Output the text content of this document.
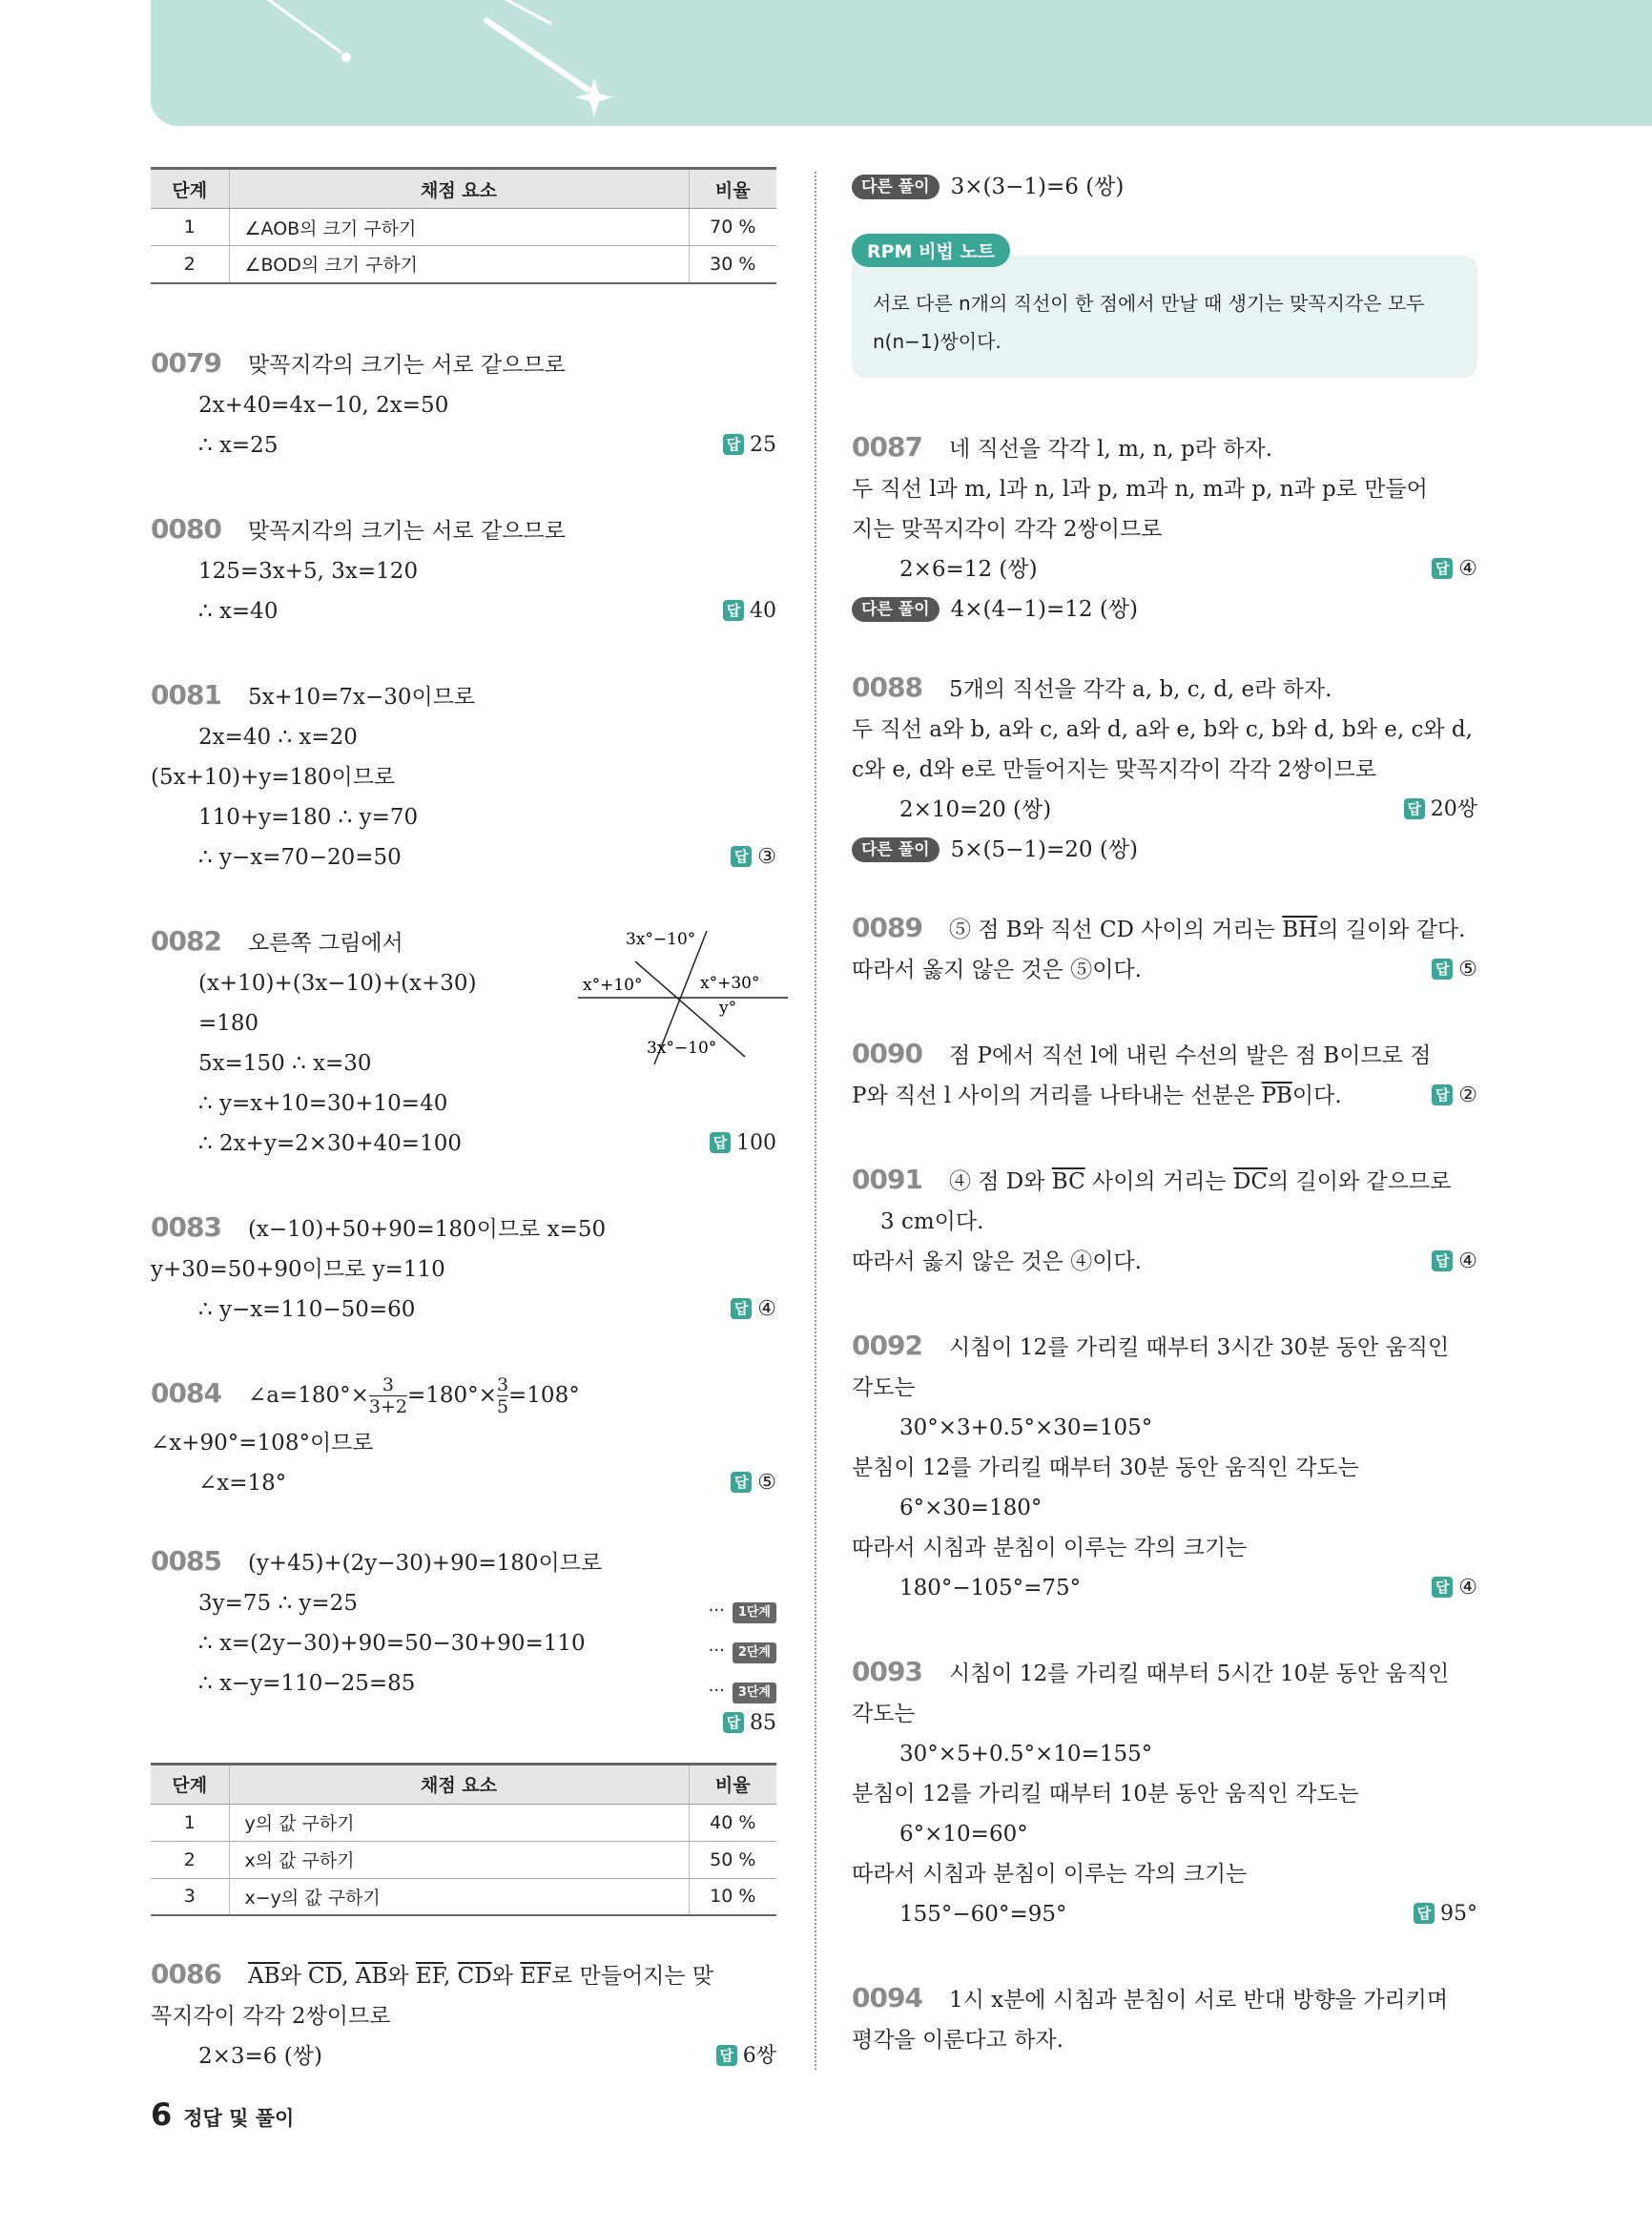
단계	채점 요소	비율
1	∠AOB의 크기 구하기	70 %
2	∠BOD의 크기 구하기	30 %
0079 맞꼭지각의 크기는 서로 같으므로
2x+40=4x−10, 2x=50
∴ x=25	답 25
0080 맞꼭지각의 크기는 서로 같으므로
125=3x+5, 3x=120
∴ x=40	답 40
0081 5x+10=7x−30이므로
2x=40 ∴ x=20
(5x+10)+y=180이므로
110+y=180 ∴ y=70
∴ y−x=70−20=50	답 ③
0082 오른쪽 그림에서
(x+10)+(3x−10)+(x+30)
=180
5x=150 ∴ x=30
∴ y=x+10=30+10=40
∴ 2x+y=2×30+40=100	답 100
3x°−10°
x°+10°	x°+30°
y°
3x°−10°
0083 (x−10)+50+90=180이므로 x=50
y+30=50+90이므로 y=110
∴ y−x=110−50=60	답 ④
0084 ∠a=180°× $\frac{3}{3+2} =180^\circ\times \frac{3}{5} =108^\circ$
∠x+90°=108°이므로
∠x=18°	답 ⑤
0085 (y+45)+(2y−30)+90=180이므로
3y=75 ∴ y=25	··· 1단계
∴ x=(2y−30)+90=50−30+90=110	··· 2단계
∴ x−y=110−25=85	··· 3단계
답 85

단계	채점 요소	비율
1	y의 값 구하기	40 %
2	x의 값 구하기	50 %
3	x−y의 값 구하기	10 %
0086 $\overline{AB}$와 $\overline{CD}$, $\overline{AB}$와 $\overline{EF}$, $\overline{CD}$와 $\overline{EF}$로 만들어지는 맞
꼭지각이 각각 2쌍이므로
2×3=6 (쌍)	답 6쌍
다른 풀이 3×(3−1)=6 (쌍)
RPM 비법 노트
서로 다른 n개의 직선이 한 점에서 만날 때 생기는 맞꼭지각은 모두
n(n−1)쌍이다.
0087 네 직선을 각각 l, m, n, p라 하자.
두 직선 l과 m, l과 n, l과 p, m과 n, m과 p, n과 p로 만들어
지는 맞꼭지각이 각각 2쌍이므로
2×6=12 (쌍)	답 ④
다른 풀이 4×(4−1)=12 (쌍)
0088 5개의 직선을 각각 a, b, c, d, e라 하자.
두 직선 a와 b, a와 c, a와 d, a와 e, b와 c, b와 d, b와 e, c와 d,
c와 e, d와 e로 만들어지는 맞꼭지각이 각각 2쌍이므로
2×10=20 (쌍)	답 20쌍
다른 풀이 5×(5−1)=20 (쌍)
0089 ⑤ 점 B와 직선 CD 사이의 거리는 $\overline{BH}$의 길이와 같다.
따라서 옳지 않은 것은 ⑤이다.	답 ⑤
0090 점 P에서 직선 l에 내린 수선의 발은 점 B이므로 점
P와 직선 l 사이의 거리를 나타내는 선분은 $\overline{PB}$이다.	답 ②
0091 ④ 점 D와 $\overline{BC}$ 사이의 거리는 $\overline{DC}$의 길이와 같으므로
3 cm이다.
따라서 옳지 않은 것은 ④이다.	답 ④
0092 시침이 12를 가리킬 때부터 3시간 30분 동안 움직인
각도는
30°×3+0.5°×30=105°
분침이 12를 가리킬 때부터 30분 동안 움직인 각도는
6°×30=180°
따라서 시침과 분침이 이루는 각의 크기는
180°−105°=75°	답 ④
0093 시침이 12를 가리킬 때부터 5시간 10분 동안 움직인
각도는
30°×5+0.5°×10=155°
분침이 12를 가리킬 때부터 10분 동안 움직인 각도는
6°×10=60°
따라서 시침과 분침이 이루는 각의 크기는
155°−60°=95°	답 95°
0094 1시 x분에 시침과 분침이 서로 반대 방향을 가리키며
평각을 이룬다고 하자.
6 정답 및 풀이
